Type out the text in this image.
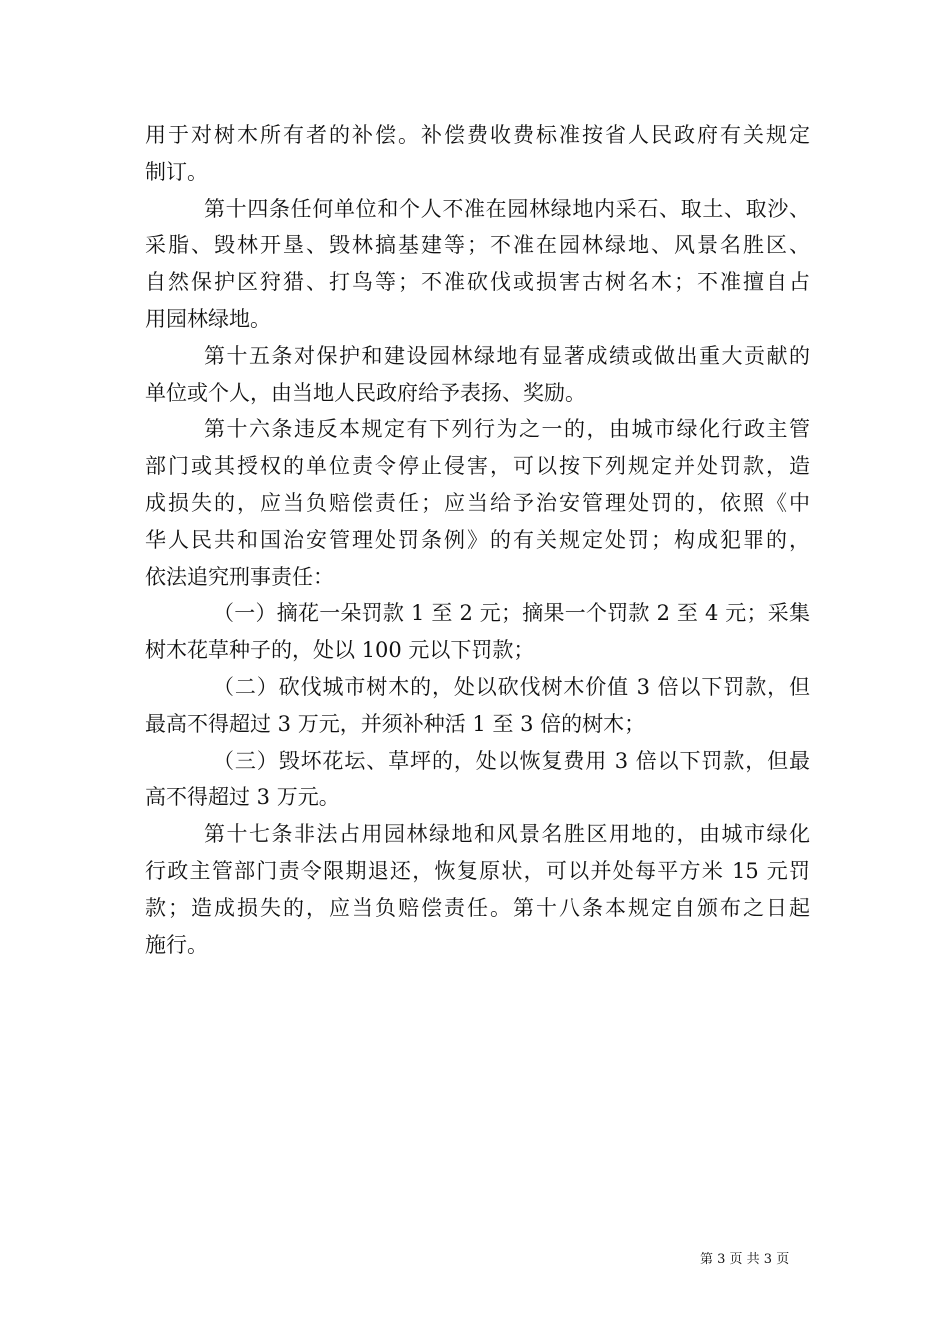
用于对树木所有者的补偿。补偿费收费标准按省人民政府有关规定
制订。
第十四条任何单位和个人不准在园林绿地内采石、取土、取沙、
采脂、毁林开垦、毁林搞基建等；不准在园林绿地、风景名胜区、
自然保护区狩猎、打鸟等；不准砍伐或损害古树名木；不准擅自占
用园林绿地。
第十五条对保护和建设园林绿地有显著成绩或做出重大贡献的
单位或个人，由当地人民政府给予表扬、奖励。
第十六条违反本规定有下列行为之一的，由城市绿化行政主管
部门或其授权的单位责令停止侵害，可以按下列规定并处罚款，造
成损失的，应当负赔偿责任；应当给予治安管理处罚的，依照《中
华人民共和国治安管理处罚条例》的有关规定处罚；构成犯罪的，
依法追究刑事责任：
（一）摘花一朵罚款 1 至 2 元；摘果一个罚款 2 至 4 元；采集
树木花草种子的，处以 100 元以下罚款；
（二）砍伐城市树木的，处以砍伐树木价值 3 倍以下罚款，但
最高不得超过 3 万元，并须补种活 1 至 3 倍的树木；
（三）毁坏花坛、草坪的，处以恢复费用 3 倍以下罚款，但最
高不得超过 3 万元。
第十七条非法占用园林绿地和风景名胜区用地的，由城市绿化
行政主管部门责令限期退还，恢复原状，可以并处每平方米 15 元罚
款；造成损失的，应当负赔偿责任。第十八条本规定自颁布之日起
施行。
第 3 页 共 3 页
